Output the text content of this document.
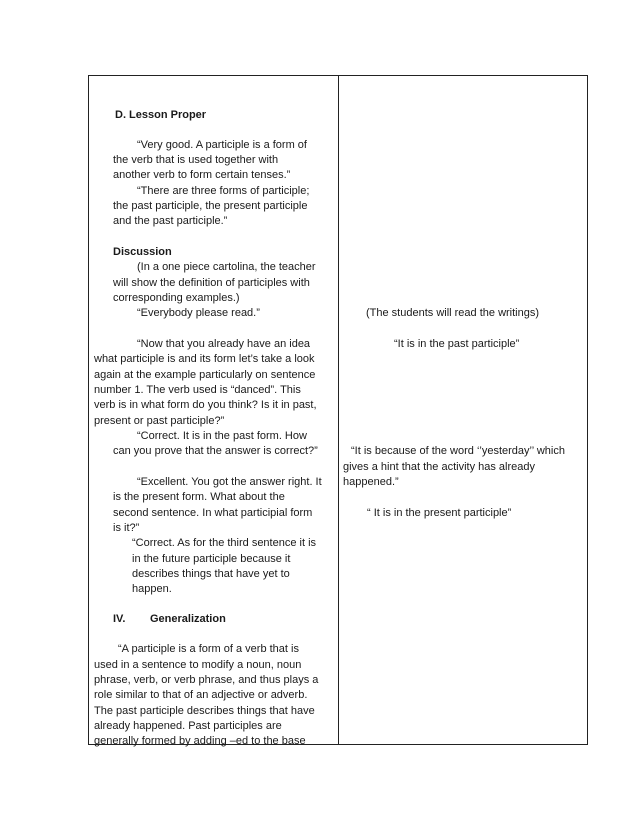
D. Lesson Proper

“Very good. A participle is a form of

the verb that is used together with

another verb to form certain tenses.”

“There are three forms of participle;

the past participle, the present participle

and the past participle.”

Discussion

(In a one piece cartolina, the teacher

will show the definition of participles with

corresponding examples.)

“Everybody please read.”

“Now that you already have an idea

what participle is and its form let’s take a look

again at the example particularly on sentence

number 1. The verb used is “danced”. This

verb is in what form do you think? Is it in past,

present or past participle?”

“Correct. It is in the past form. How

can you prove that the answer is correct?”

“Excellent. You got the answer right. It

is the present form. What about the

second sentence. In what participial form

is it?”

“Correct. As for the third sentence it is

in the future participle because it

describes things that have yet to

happen.

IV. Generalization

“A participle is a form of a verb that is

used in a sentence to modify a noun, noun

phrase, verb, or verb phrase, and thus plays a

role similar to that of an adjective or adverb.

The past participle describes things that have

already happened. Past participles are

generally formed by adding –ed to the base

(The students will read the writings)

“It is in the past participle”

“It is because of the word ‘’yesterday’’ which

gives a hint that the activity has already

happened.”

“ It is in the present participle”
